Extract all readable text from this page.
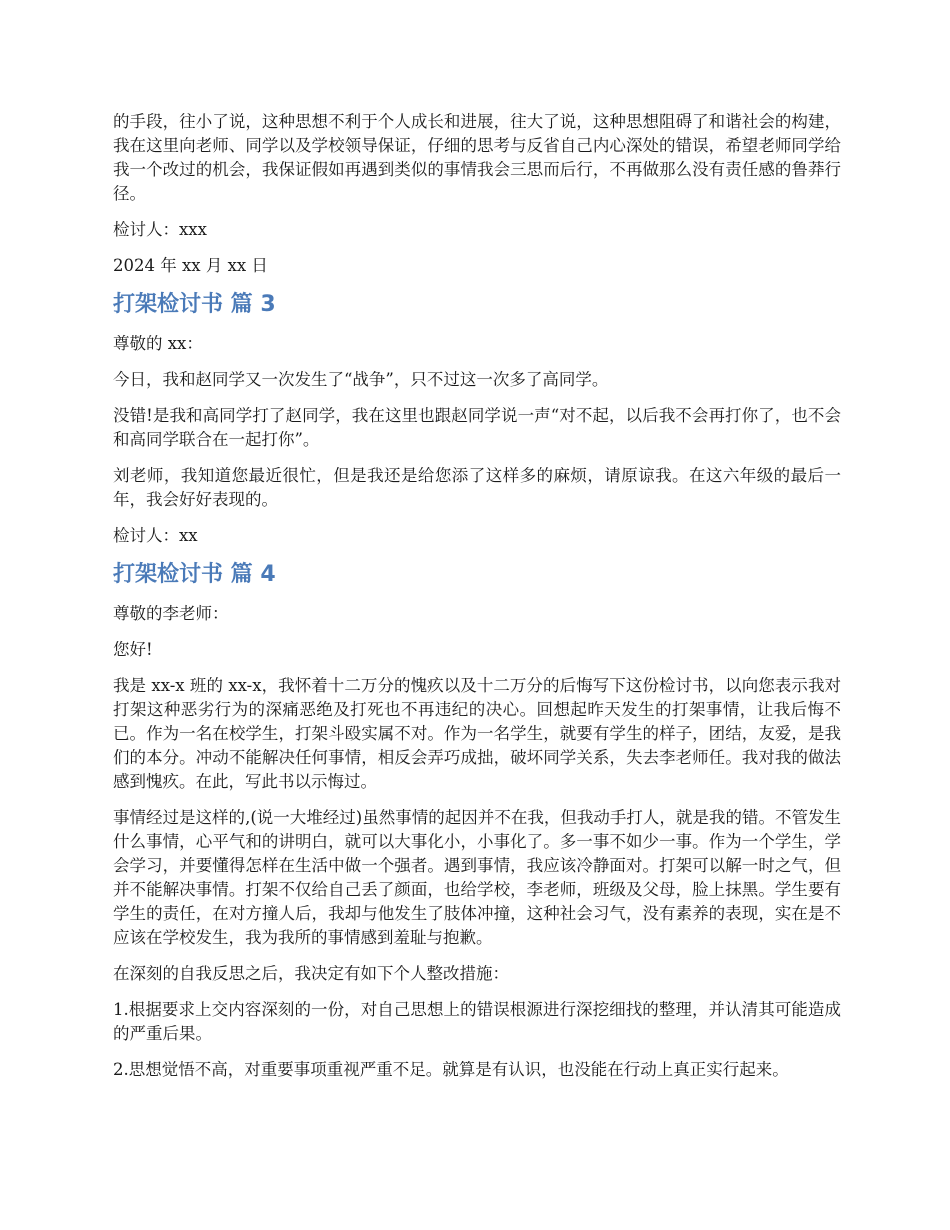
的手段，往小了说，这种思想不利于个人成长和进展，往大了说，这种思想阻碍了和谐社会的构建，我在这里向老师、同学以及学校领导保证，仔细的思考与反省自己内心深处的错误，希望老师同学给我一个改过的机会，我保证假如再遇到类似的事情我会三思而后行，不再做那么没有责任感的鲁莽行径。

检讨人：xxx

2024 年 xx 月 xx 日

打架检讨书 篇 3

尊敬的 xx：

今日，我和赵同学又一次发生了“战争”，只不过这一次多了高同学。

没错!是我和高同学打了赵同学，我在这里也跟赵同学说一声“对不起，以后我不会再打你了，也不会和高同学联合在一起打你”。

刘老师，我知道您最近很忙，但是我还是给您添了这样多的麻烦，请原谅我。在这六年级的最后一年，我会好好表现的。

检讨人：xx

打架检讨书 篇 4

尊敬的李老师：

您好!

我是 xx-x 班的 xx-x，我怀着十二万分的愧疚以及十二万分的后悔写下这份检讨书，以向您表示我对打架这种恶劣行为的深痛恶绝及打死也不再违纪的决心。回想起昨天发生的打架事情，让我后悔不已。作为一名在校学生，打架斗殴实属不对。作为一名学生，就要有学生的样子，团结，友爱，是我们的本分。冲动不能解决任何事情，相反会弄巧成拙，破坏同学关系，失去李老师任。我对我的做法感到愧疚。在此，写此书以示悔过。

事情经过是这样的,(说一大堆经过)虽然事情的起因并不在我，但我动手打人，就是我的错。不管发生什么事情，心平气和的讲明白，就可以大事化小，小事化了。多一事不如少一事。作为一个学生，学会学习，并要懂得怎样在生活中做一个强者。遇到事情，我应该冷静面对。打架可以解一时之气，但并不能解决事情。打架不仅给自己丢了颜面，也给学校，李老师，班级及父母，脸上抹黑。学生要有学生的责任，在对方撞人后，我却与他发生了肢体冲撞，这种社会习气，没有素养的表现，实在是不应该在学校发生，我为我所的事情感到羞耻与抱歉。

在深刻的自我反思之后，我决定有如下个人整改措施：

1.根据要求上交内容深刻的一份，对自己思想上的错误根源进行深挖细找的整理，并认清其可能造成的严重后果。

2.思想觉悟不高，对重要事项重视严重不足。就算是有认识，也没能在行动上真正实行起来。
